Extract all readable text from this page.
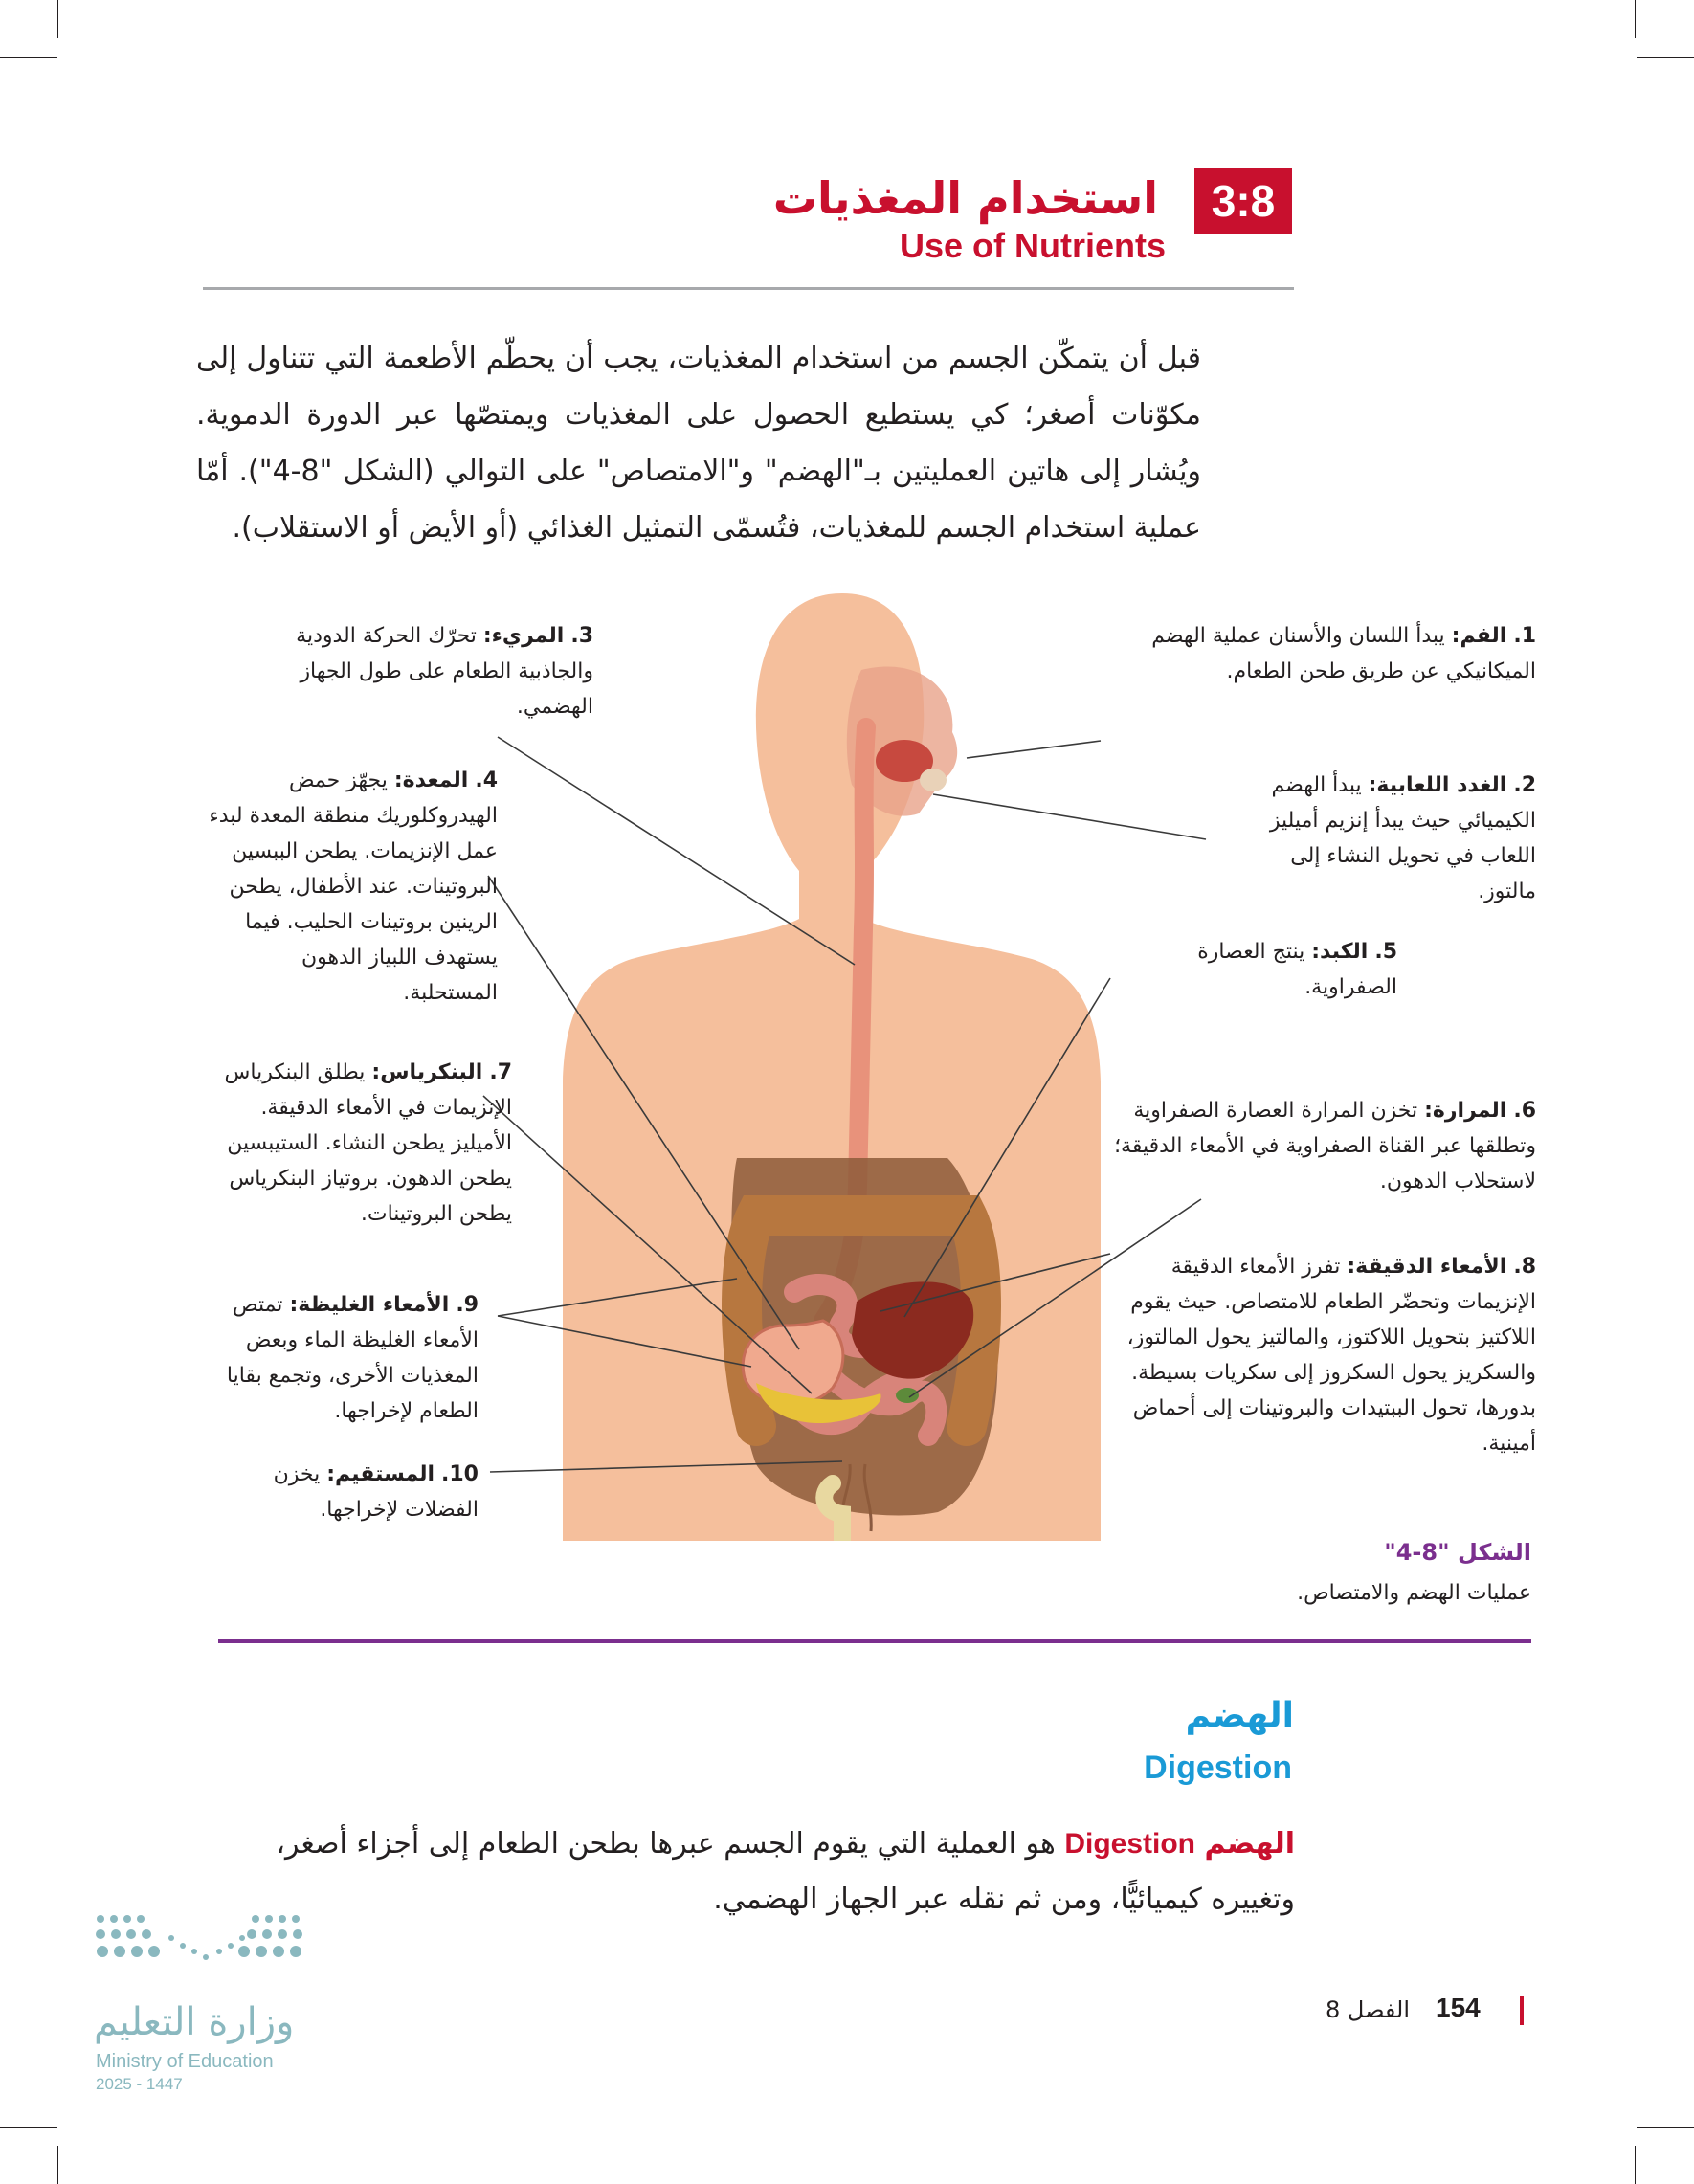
3:8
استخدام المغذيات
Use of Nutrients
قبل أن يتمكّن الجسم من استخدام المغذيات، يجب أن يحطّم الأطعمة التي تتناول إلى مكوّنات أصغر؛ كي يستطيع الحصول على المغذيات ويمتصّها عبر الدورة الدموية. ويُشار إلى هاتين العمليتين بـ"الهضم" و"الامتصاص" على التوالي (الشكل "8-4"). أمّا عملية استخدام الجسم للمغذيات، فتُسمّى التمثيل الغذائي (أو الأيض أو الاستقلاب).
1. الفم: يبدأ اللسان والأسنان عملية الهضم الميكانيكي عن طريق طحن الطعام.
2. الغدد اللعابية: يبدأ الهضم الكيميائي حيث يبدأ إنزيم أميليز اللعاب في تحويل النشاء إلى مالتوز.
5. الكبد: ينتج العصارة الصفراوية.
6. المرارة: تخزن المرارة العصارة الصفراوية وتطلقها عبر القناة الصفراوية في الأمعاء الدقيقة؛ لاستحلاب الدهون.
8. الأمعاء الدقيقة: تفرز الأمعاء الدقيقة الإنزيمات وتحضّر الطعام للامتصاص. حيث يقوم اللاكتيز بتحويل اللاكتوز، والمالتيز يحول المالتوز، والسكريز يحول السكروز إلى سكريات بسيطة. بدورها، تحول الببتيدات والبروتينات إلى أحماض أمينية.
3. المريء: تحرّك الحركة الدودية والجاذبية الطعام على طول الجهاز الهضمي.
4. المعدة: يجهّز حمض الهيدروكلوريك منطقة المعدة لبدء عمل الإنزيمات. يطحن الببسين البروتينات. عند الأطفال، يطحن الرينين بروتينات الحليب. فيما يستهدف اللبياز الدهون المستحلبة.
7. البنكرياس: يطلق البنكرياس الإنزيمات في الأمعاء الدقيقة. الأميليز يطحن النشاء. الستيبسين يطحن الدهون. بروتياز البنكرياس يطحن البروتينات.
9. الأمعاء الغليظة: تمتص الأمعاء الغليظة الماء وبعض المغذيات الأخرى، وتجمع بقايا الطعام لإخراجها.
10. المستقيم: يخزن الفضلات لإخراجها.
الشكل "8-4"
عمليات الهضم والامتصاص.
الهضم
Digestion
الهضم Digestion هو العملية التي يقوم الجسم عبرها بطحن الطعام إلى أجزاء أصغر، وتغييره كيميائيًّا، ومن ثم نقله عبر الجهاز الهضمي.
154
الفصل 8
وزارة التعليم
Ministry of Education
2025 - 1447
